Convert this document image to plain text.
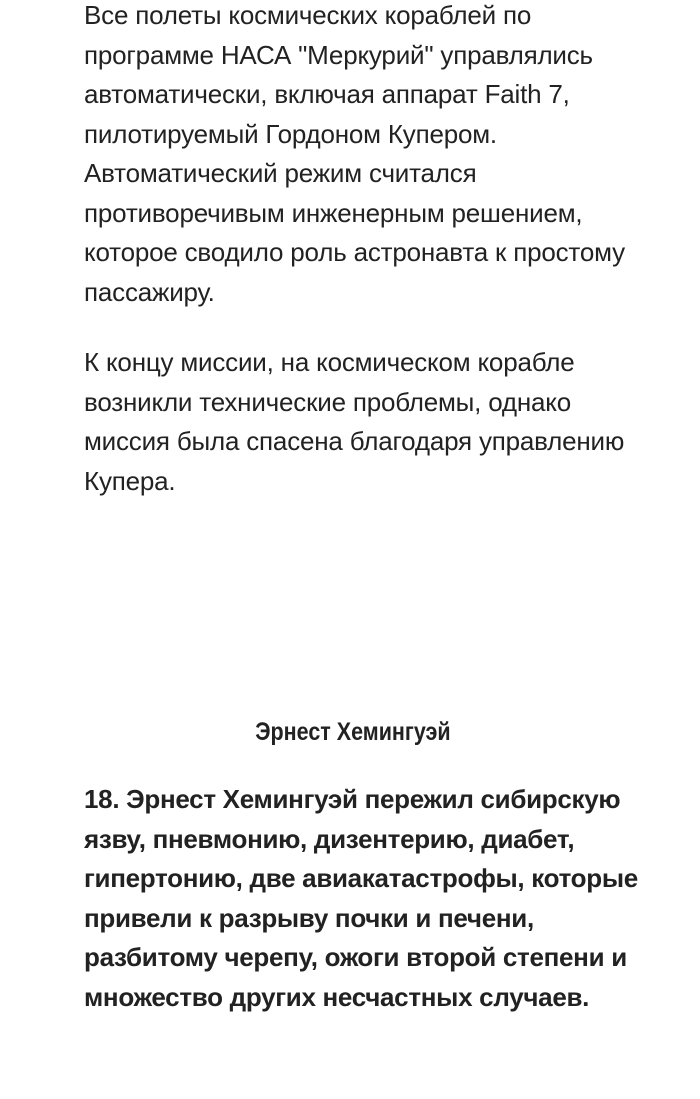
Все полеты космических кораблей по программе НАСА "Меркурий" управлялись автоматически, включая аппарат Faith 7, пилотируемый Гордоном Купером. Автоматический режим считался противоречивым инженерным решением, которое сводило роль астронавта к простому пассажиру.

К концу миссии, на космическом корабле возникли технические проблемы, однако миссия была спасена благодаря управлению Купера.

Эрнест Хемингуэй

18. Эрнест Хемингуэй пережил сибирскую язву, пневмонию, дизентерию, диабет, гипертонию, две авиакатастрофы, которые привели к разрыву почки и печени, разбитому черепу, ожоги второй степени и множество других несчастных случаев.
